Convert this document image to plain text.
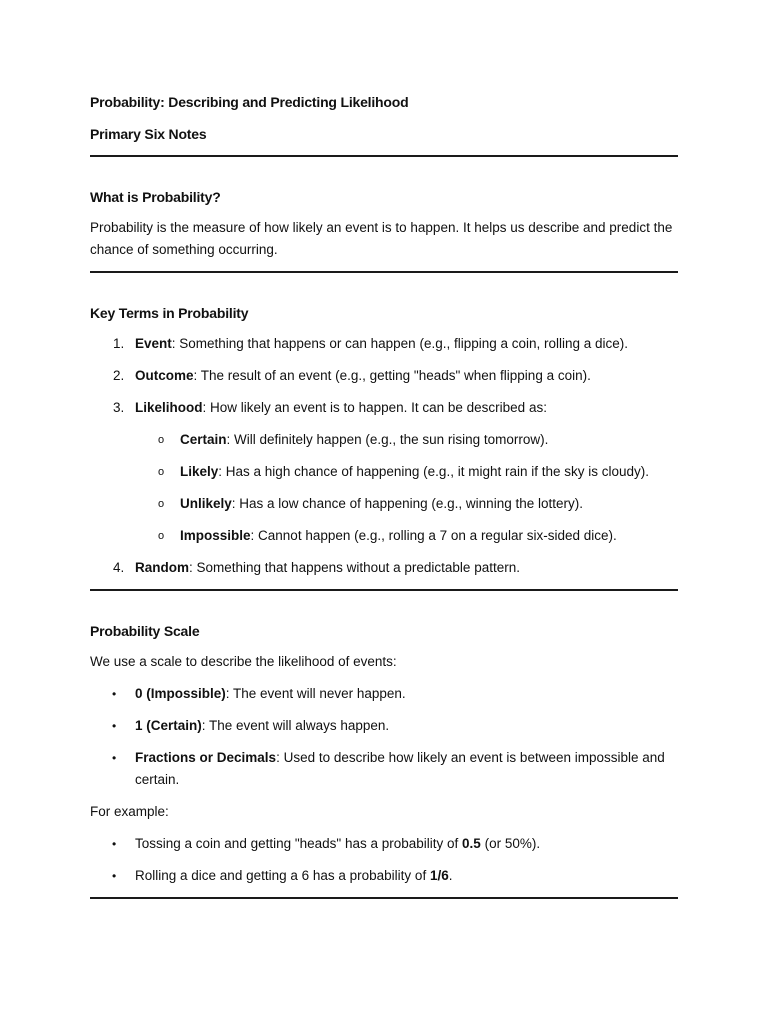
Probability: Describing and Predicting Likelihood
Primary Six Notes
What is Probability?
Probability is the measure of how likely an event is to happen. It helps us describe and predict the chance of something occurring.
Key Terms in Probability
1. Event: Something that happens or can happen (e.g., flipping a coin, rolling a dice).
2. Outcome: The result of an event (e.g., getting "heads" when flipping a coin).
3. Likelihood: How likely an event is to happen. It can be described as:
o Certain: Will definitely happen (e.g., the sun rising tomorrow).
o Likely: Has a high chance of happening (e.g., it might rain if the sky is cloudy).
o Unlikely: Has a low chance of happening (e.g., winning the lottery).
o Impossible: Cannot happen (e.g., rolling a 7 on a regular six-sided dice).
4. Random: Something that happens without a predictable pattern.
Probability Scale
We use a scale to describe the likelihood of events:
• 0 (Impossible): The event will never happen.
• 1 (Certain): The event will always happen.
• Fractions or Decimals: Used to describe how likely an event is between impossible and certain.
For example:
• Tossing a coin and getting "heads" has a probability of 0.5 (or 50%).
• Rolling a dice and getting a 6 has a probability of 1/6.
